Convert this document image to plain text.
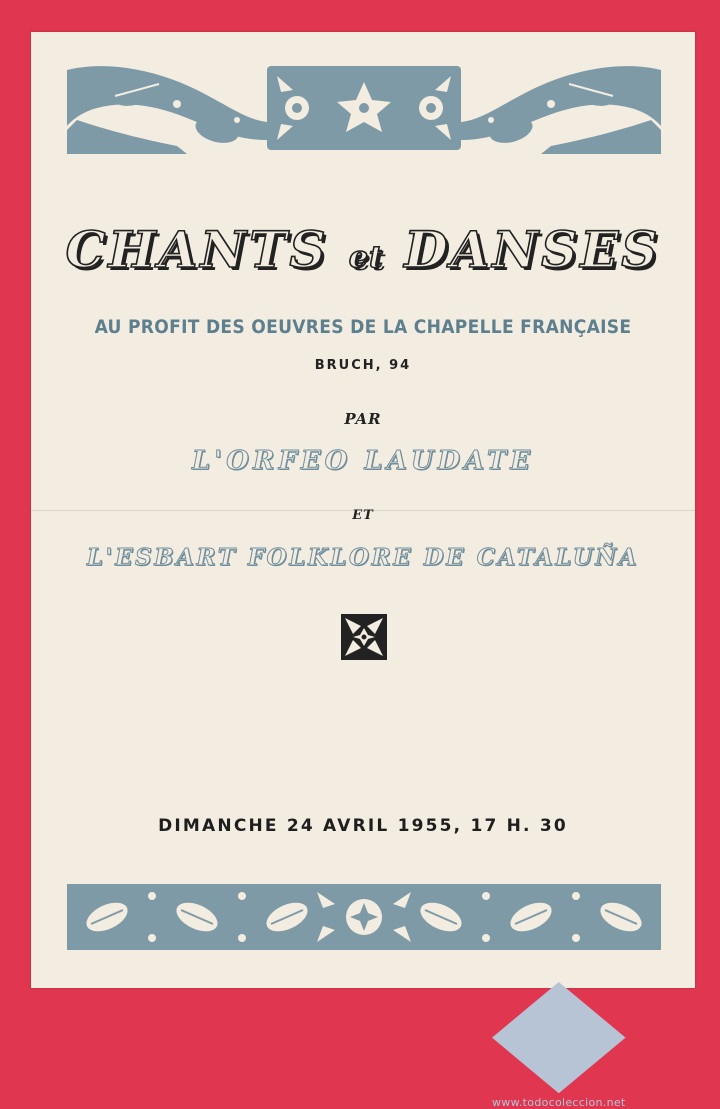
CHANTS et DANSES
AU PROFIT DES OEUVRES DE LA CHAPELLE FRANÇAISE
BRUCH, 94
PAR
L'ORFEO LAUDATE
ET
L'ESBART FOLKLORE DE CATALUÑA
DIMANCHE 24 AVRIL 1955, 17 H. 30
www.todocoleccion.net
